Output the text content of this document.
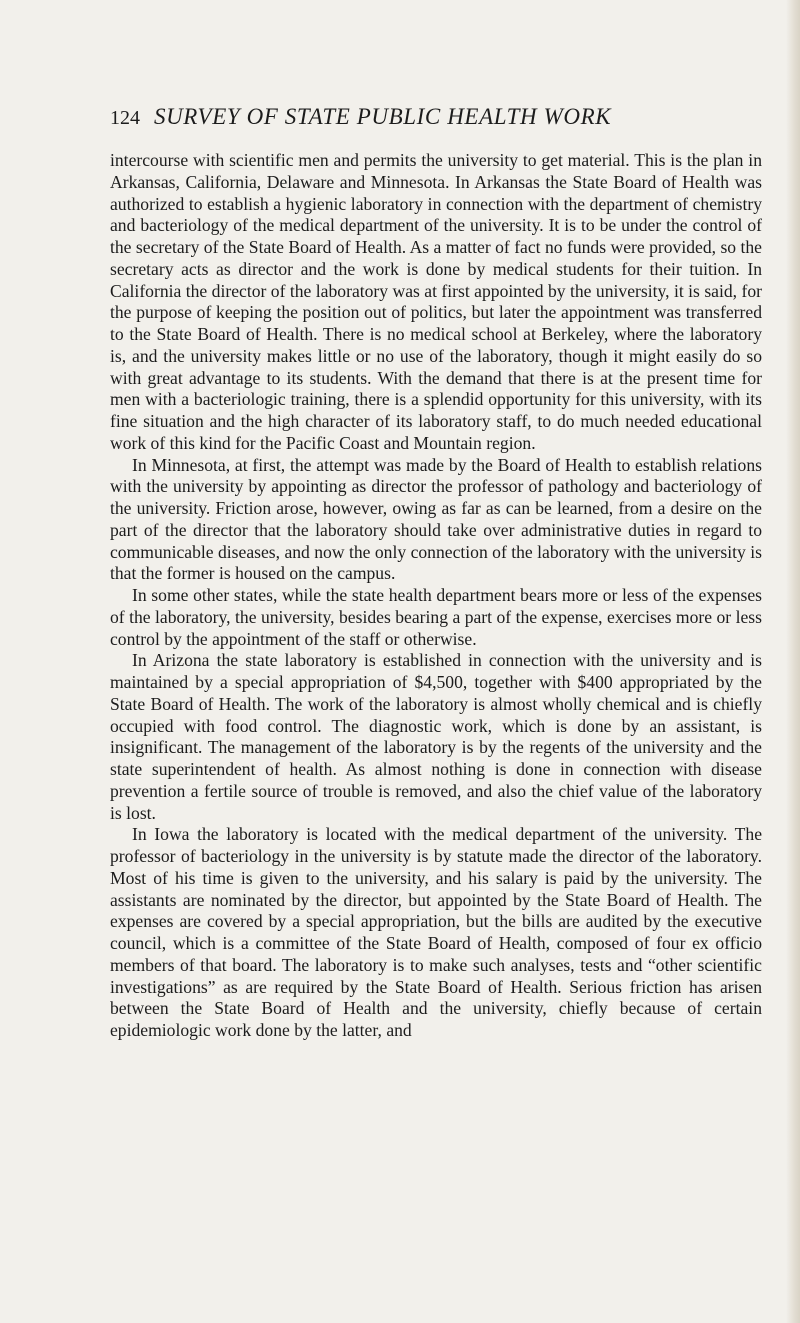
124 SURVEY OF STATE PUBLIC HEALTH WORK

intercourse with scientific men and permits the university to get material. This is the plan in Arkansas, California, Delaware and Minnesota. In Arkansas the State Board of Health was authorized to establish a hygienic laboratory in connection with the department of chemistry and bacteriology of the medical department of the university. It is to be under the control of the secretary of the State Board of Health. As a matter of fact no funds were provided, so the secretary acts as director and the work is done by medical students for their tuition. In California the director of the laboratory was at first appointed by the university, it is said, for the purpose of keeping the position out of politics, but later the appointment was transferred to the State Board of Health. There is no medical school at Berkeley, where the laboratory is, and the university makes little or no use of the laboratory, though it might easily do so with great advantage to its students. With the demand that there is at the present time for men with a bacteriologic training, there is a splendid opportunity for this university, with its fine situation and the high character of its laboratory staff, to do much needed educational work of this kind for the Pacific Coast and Mountain region.

In Minnesota, at first, the attempt was made by the Board of Health to establish relations with the university by appointing as director the professor of pathology and bacteriology of the university. Friction arose, however, owing as far as can be learned, from a desire on the part of the director that the laboratory should take over administrative duties in regard to communicable diseases, and now the only connection of the laboratory with the university is that the former is housed on the campus.

In some other states, while the state health department bears more or less of the expenses of the laboratory, the university, besides bearing a part of the expense, exercises more or less control by the appointment of the staff or otherwise.

In Arizona the state laboratory is established in connection with the university and is maintained by a special appropriation of $4,500, together with $400 appropriated by the State Board of Health. The work of the laboratory is almost wholly chemical and is chiefly occupied with food control. The diagnostic work, which is done by an assistant, is insignificant. The management of the laboratory is by the regents of the university and the state superintendent of health. As almost nothing is done in connection with disease prevention a fertile source of trouble is removed, and also the chief value of the laboratory is lost.

In Iowa the laboratory is located with the medical department of the university. The professor of bacteriology in the university is by statute made the director of the laboratory. Most of his time is given to the university, and his salary is paid by the university. The assistants are nominated by the director, but appointed by the State Board of Health. The expenses are covered by a special appropriation, but the bills are audited by the executive council, which is a committee of the State Board of Health, composed of four ex officio members of that board. The laboratory is to make such analyses, tests and “other scientific investigations” as are required by the State Board of Health. Serious friction has arisen between the State Board of Health and the university, chiefly because of certain epidemiologic work done by the latter, and
